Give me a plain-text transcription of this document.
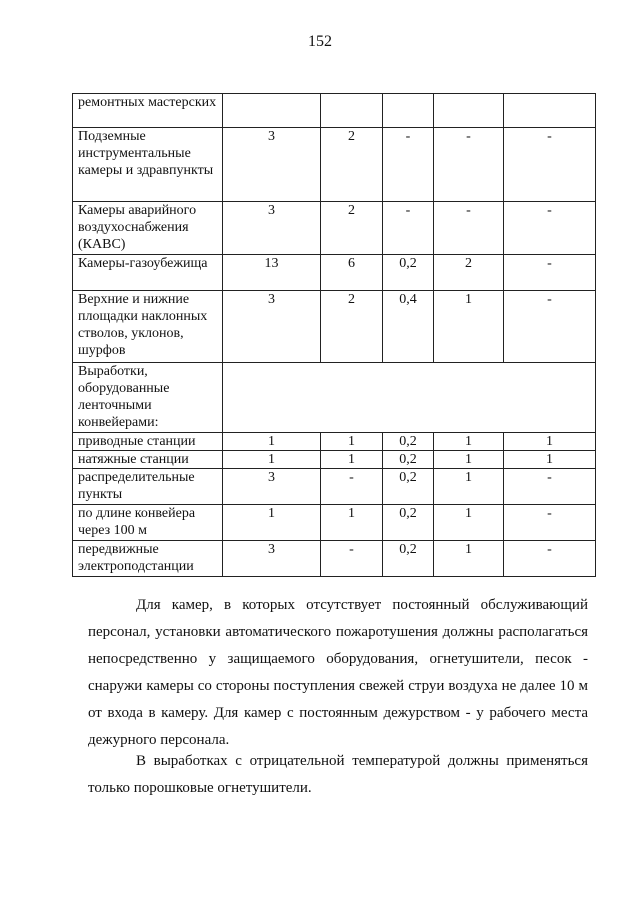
152
ремонтных мастерских					
Подземные инструментальные камеры и здравпункты	3	2	-	-	-
Камеры аварийного воздухоснабжения (КАВС)	3	2	-	-	-
Камеры-газоубежища	13	6	0,2	2	-
Верхние и нижние площадки наклонных стволов, уклонов, шурфов	3	2	0,4	1	-
Выработки, оборудованные ленточными конвейерами:					
приводные станции	1	1	0,2	1	1
натяжные станции	1	1	0,2	1	1
распределительные пункты	3	-	0,2	1	-
по длине конвейера через 100 м	1	1	0,2	1	-
передвижные электроподстанции	3	-	0,2	1	-

Для камер, в которых отсутствует постоянный обслуживающий персонал, установки автоматического пожаротушения должны располагаться непосредственно у защищаемого оборудования, огнетушители, песок - снаружи камеры со стороны поступления свежей струи воздуха не далее 10 м от входа в камеру. Для камер с постоянным дежурством - у рабочего места дежурного персонала.

В выработках с отрицательной температурой должны применяться только порошковые огнетушители.
